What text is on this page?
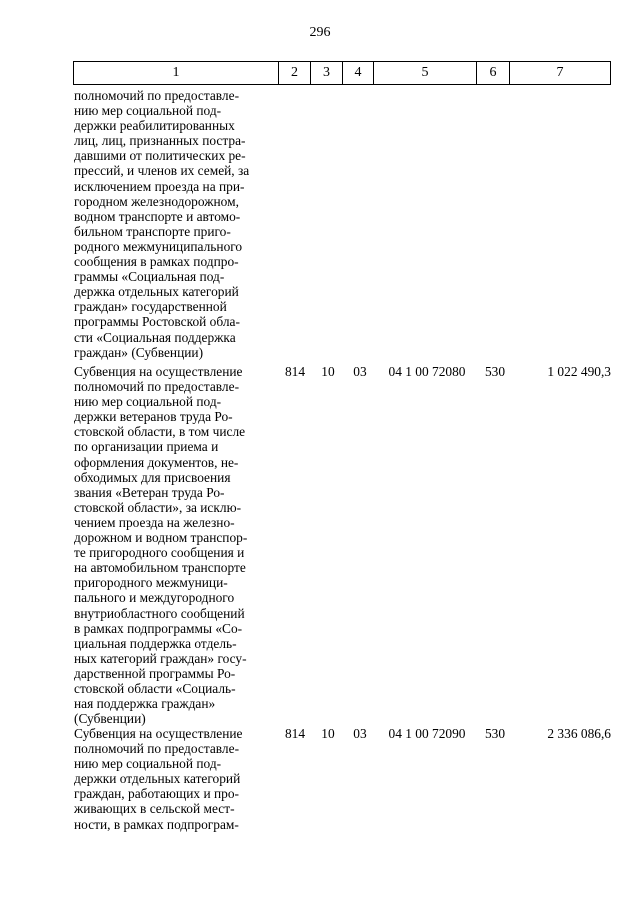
296
1	2	3	4	5	6	7
полномочий по предоставле-
нию мер социальной под-
держки реабилитированных
лиц, лиц, признанных постра-
давшими от политических ре-
прессий, и членов их семей, за
исключением проезда на при-
городном железнодорожном,
водном транспорте и автомо-
бильном транспорте приго-
родного межмуниципального
сообщения в рамках подпро-
граммы «Социальная под-
держка отдельных категорий
граждан» государственной
программы Ростовской обла-
сти «Социальная поддержка
граждан» (Субвенции)
Субвенция на осуществление
полномочий по предоставле-
нию мер социальной под-
держки ветеранов труда Ро-
стовской области, в том числе
по организации приема и
оформления документов, не-
обходимых для присвоения
звания «Ветеран труда Ро-
стовской области», за исклю-
чением проезда на железно-
дорожном и водном транспор-
те пригородного сообщения и
на автомобильном транспорте
пригородного межмуници-
пального и междугородного
внутриобластного сообщений
в рамках подпрограммы «Со-
циальная поддержка отдель-
ных категорий граждан» госу-
дарственной программы Ро-
стовской области «Социаль-
ная поддержка граждан»
(Субвенции)
814	10	03	04 1 00 72080	530	1 022 490,3
Субвенция на осуществление
полномочий по предоставле-
нию мер социальной под-
держки отдельных категорий
граждан, работающих и про-
живающих в сельской мест-
ности, в рамках подпрограм-
814	10	03	04 1 00 72090	530	2 336 086,6
